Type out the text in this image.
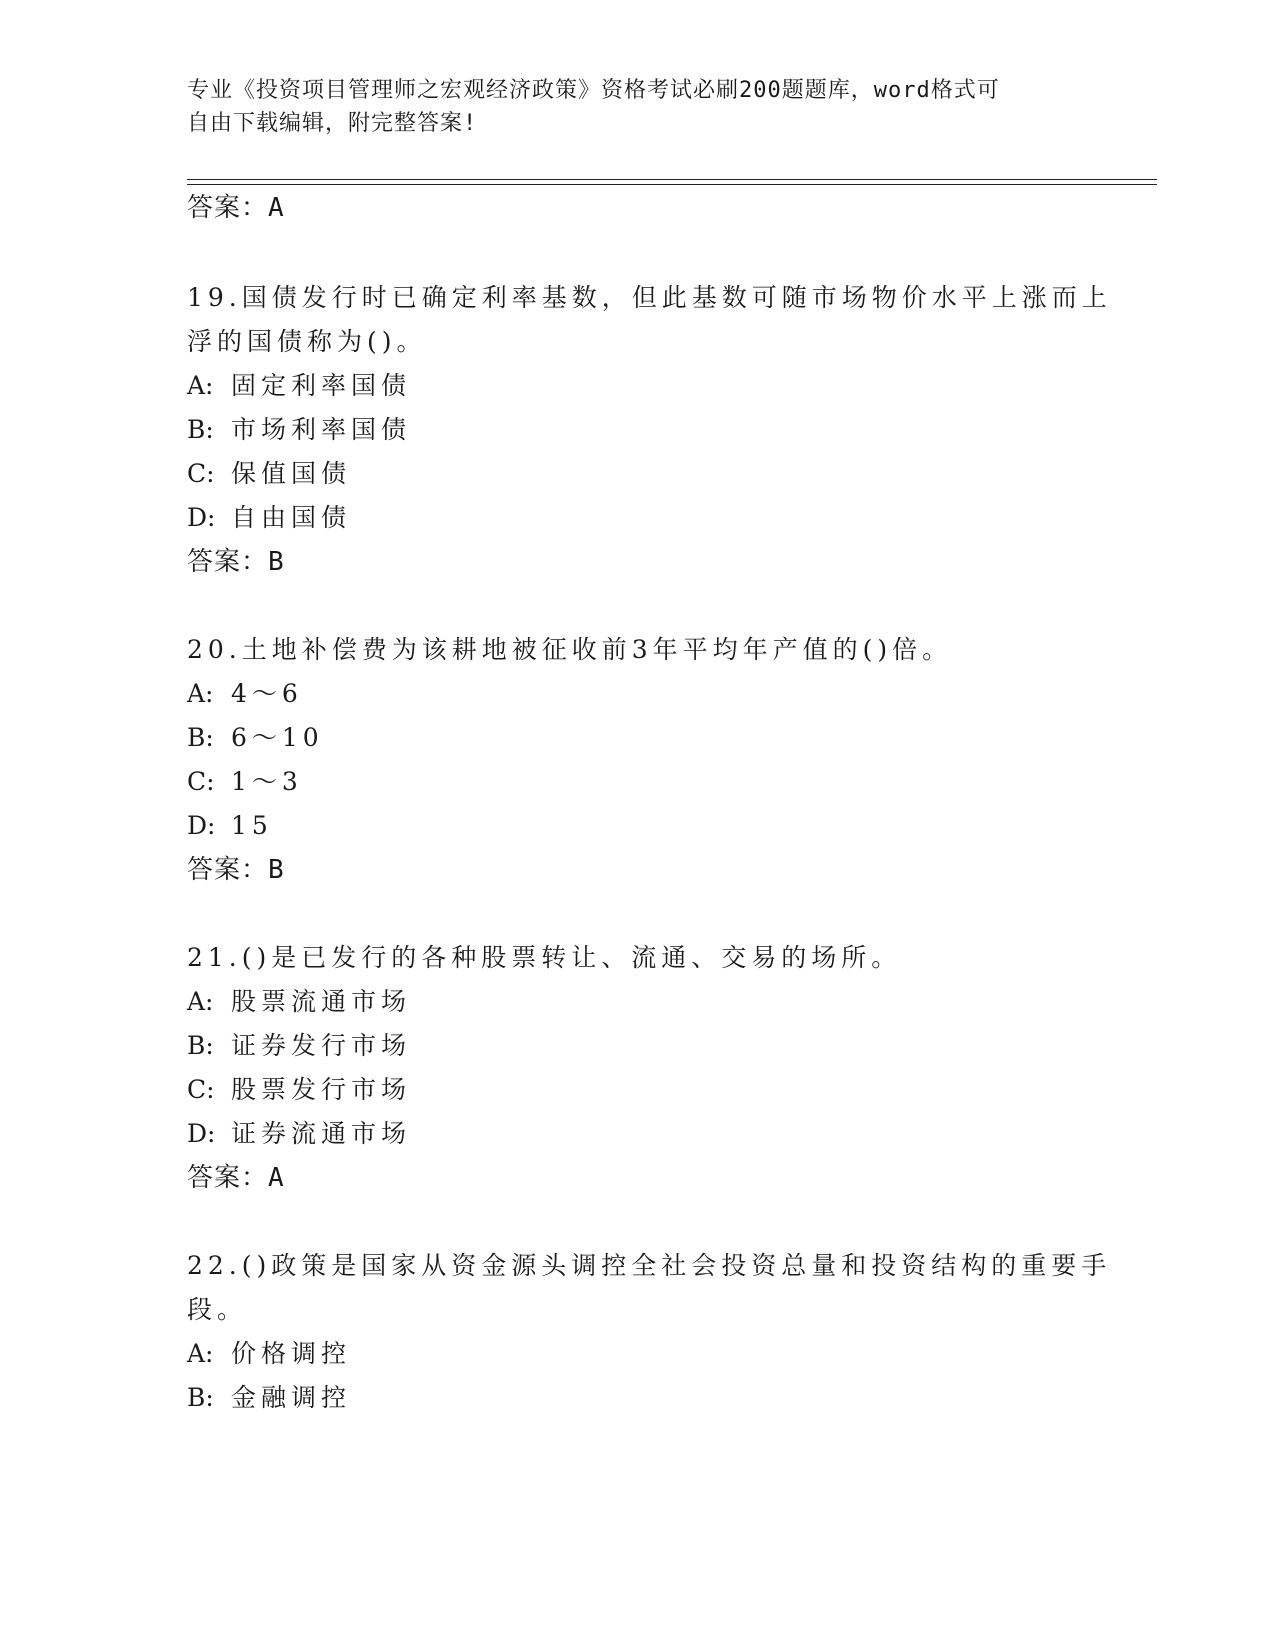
专业《投资项目管理师之宏观经济政策》资格考试必刷200题题库，word格式可
自由下载编辑，附完整答案!
答案：A
19.国债发行时已确定利率基数，但此基数可随市场物价水平上涨而上
浮的国债称为()。
A: 固定利率国债
B: 市场利率国债
C: 保值国债
D: 自由国债
答案：B
20.土地补偿费为该耕地被征收前3年平均年产值的()倍。
A: 4～6
B: 6～10
C: 1～3
D: 15
答案：B
21.()是已发行的各种股票转让、流通、交易的场所。
A: 股票流通市场
B: 证券发行市场
C: 股票发行市场
D: 证券流通市场
答案：A
22.()政策是国家从资金源头调控全社会投资总量和投资结构的重要手
段。
A: 价格调控
B: 金融调控
